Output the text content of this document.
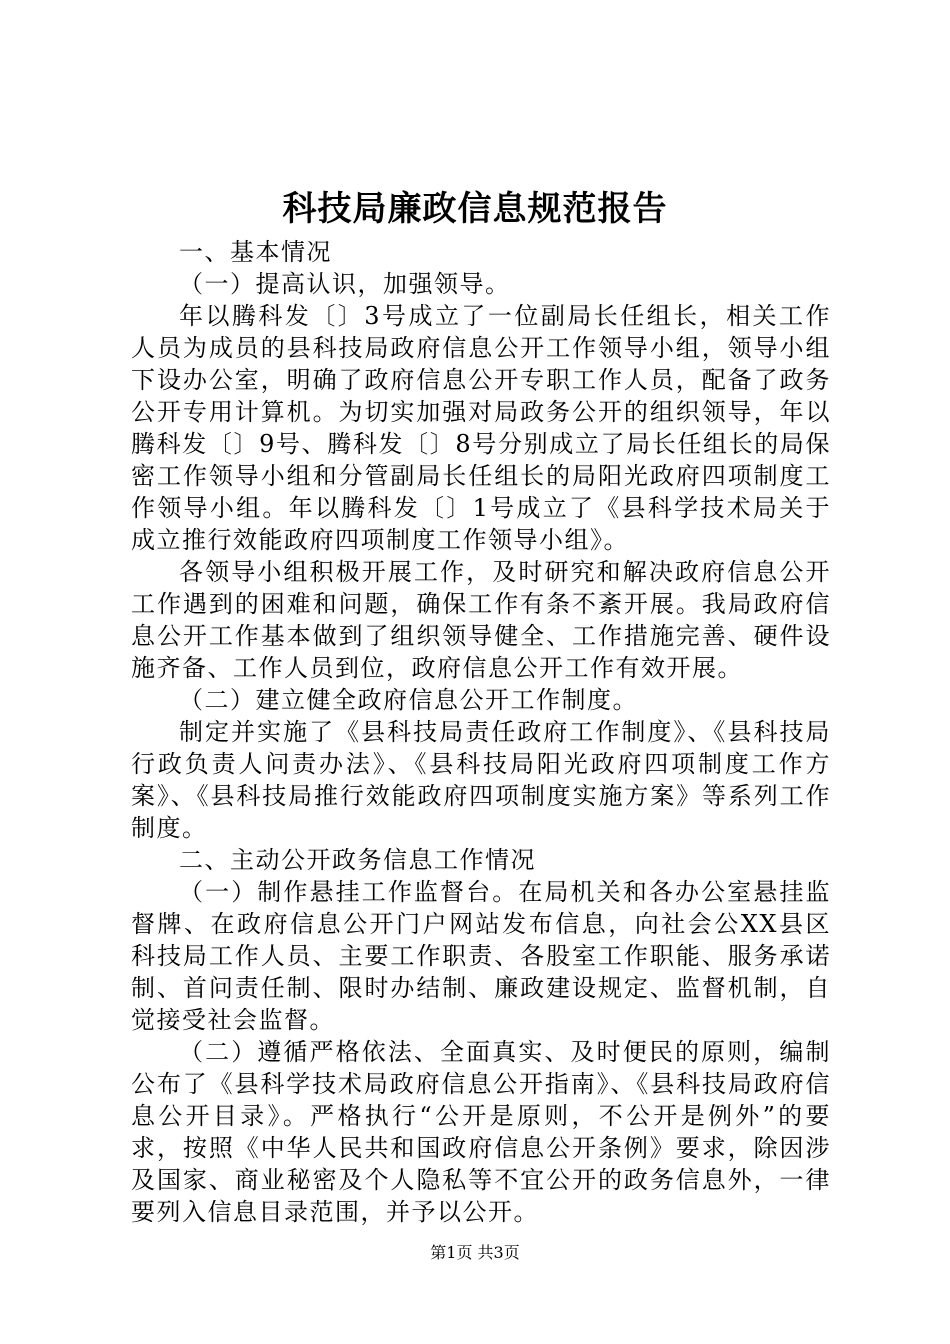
科技局廉政信息规范报告

一、基本情况

（一）提高认识，加强领导。

年以腾科发〔〕3号成立了一位副局长任组长，相关工作人员为成员的县科技局政府信息公开工作领导小组，领导小组下设办公室，明确了政府信息公开专职工作人员，配备了政务公开专用计算机。为切实加强对局政务公开的组织领导，年以腾科发〔〕9号、腾科发〔〕8号分别成立了局长任组长的局保密工作领导小组和分管副局长任组长的局阳光政府四项制度工作领导小组。年以腾科发〔〕1号成立了《县科学技术局关于成立推行效能政府四项制度工作领导小组》。

各领导小组积极开展工作，及时研究和解决政府信息公开工作遇到的困难和问题，确保工作有条不紊开展。我局政府信息公开工作基本做到了组织领导健全、工作措施完善、硬件设施齐备、工作人员到位，政府信息公开工作有效开展。

（二）建立健全政府信息公开工作制度。

制定并实施了《县科技局责任政府工作制度》、《县科技局行政负责人问责办法》、《县科技局阳光政府四项制度工作方案》、《县科技局推行效能政府四项制度实施方案》等系列工作制度。

二、主动公开政务信息工作情况

（一）制作悬挂工作监督台。在局机关和各办公室悬挂监督牌、在政府信息公开门户网站发布信息，向社会公XX县区科技局工作人员、主要工作职责、各股室工作职能、服务承诺制、首问责任制、限时办结制、廉政建设规定、监督机制，自觉接受社会监督。

（二）遵循严格依法、全面真实、及时便民的原则，编制公布了《县科学技术局政府信息公开指南》、《县科技局政府信息公开目录》。严格执行“公开是原则，不公开是例外”的要求，按照《中华人民共和国政府信息公开条例》要求，除因涉及国家、商业秘密及个人隐私等不宜公开的政务信息外，一律要列入信息目录范围，并予以公开。

第1页 共3页
